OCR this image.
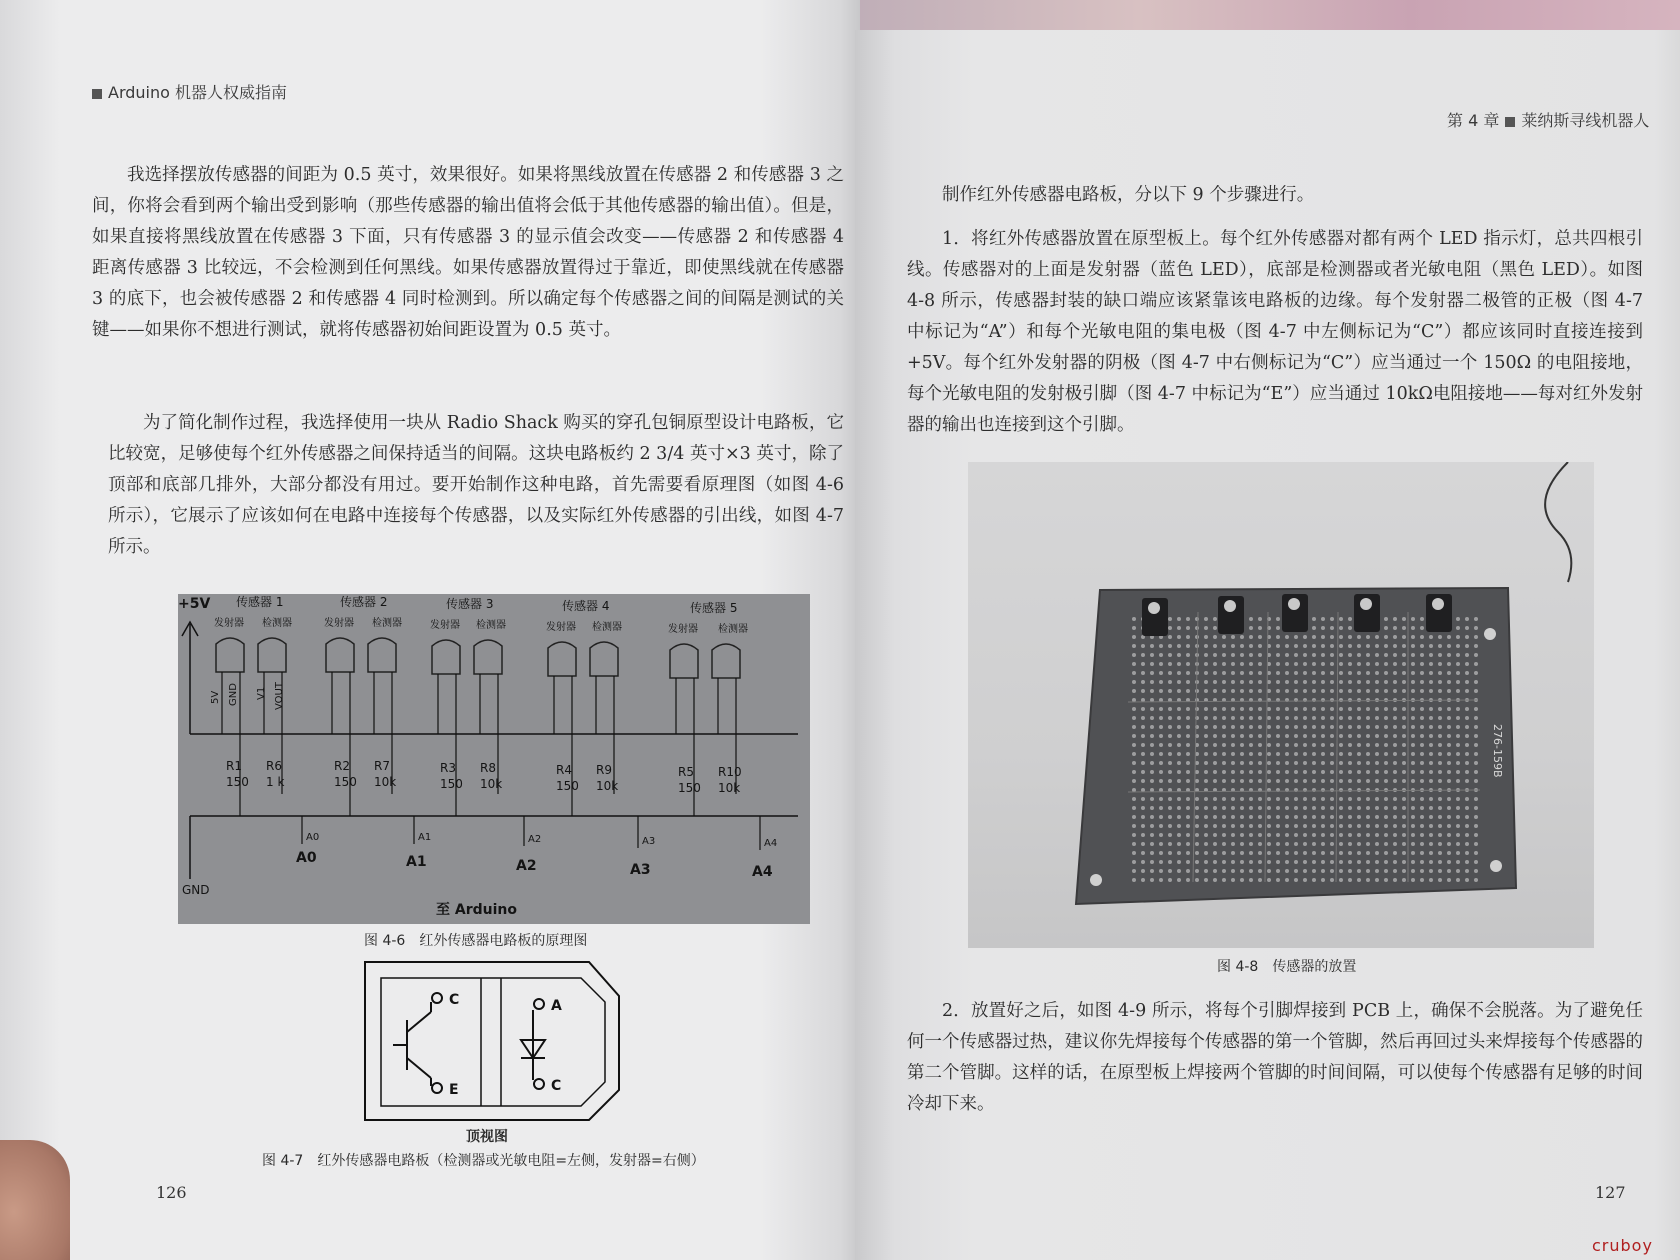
Arduino 机器人权威指南
我选择摆放传感器的间距为 0.5 英寸，效果很好。如果将黑线放置在传感器 2 和传感器 3 之间，你将会看到两个输出受到影响（那些传感器的输出值将会低于其他传感器的输出值）。但是，如果直接将黑线放置在传感器 3 下面，只有传感器 3 的显示值会改变——传感器 2 和传感器 4 距离传感器 3 比较远，不会检测到任何黑线。如果传感器放置得过于靠近，即使黑线就在传感器 3 的底下，也会被传感器 2 和传感器 4 同时检测到。所以确定每个传感器之间的间隔是测试的关键——如果你不想进行测试，就将传感器初始间距设置为 0.5 英寸。
为了简化制作过程，我选择使用一块从 Radio Shack 购买的穿孔包铜原型设计电路板，它比较宽，足够使每个红外传感器之间保持适当的间隔。这块电路板约 2 3/4 英寸×3 英寸，除了顶部和底部几排外，大部分都没有用过。要开始制作这种电路，首先需要看原理图（如图 4-6 所示），它展示了应该如何在电路中连接每个传感器，以及实际红外传感器的引出线，如图 4-7 所示。
+5V
GND
至 Arduino
传感器 1
发射器 检测器
5V GND V1 VOUT
R1
150
R6
1 k
A0
A0
传感器 2
发射器 检测器
R2
150
R7
10k
A1
A1
传感器 3
发射器 检测器
R3
150
R8
10k
A2
A2
传感器 4
发射器 检测器
R4
150
R9
10k
A3
A3
传感器 5
发射器 检测器
R5
150
R10
10k
A4
A4
图 4-6　红外传感器电路板的原理图
C
E
A
C
顶视图
图 4-7　红外传感器电路板（检测器或光敏电阻=左侧，发射器=右侧）
126
第 4 章 莱纳斯寻线机器人
制作红外传感器电路板，分以下 9 个步骤进行。
1．将红外传感器放置在原型板上。每个红外传感器对都有两个 LED 指示灯，总共四根引线。传感器对的上面是发射器（蓝色 LED），底部是检测器或者光敏电阻（黑色 LED）。如图 4-8 所示，传感器封装的缺口端应该紧靠该电路板的边缘。每个发射器二极管的正极（图 4-7 中标记为“A”）和每个光敏电阻的集电极（图 4-7 中左侧标记为“C”）都应该同时直接连接到+5V。每个红外发射器的阴极（图 4-7 中右侧标记为“C”）应当通过一个 150Ω 的电阻接地，每个光敏电阻的发射极引脚（图 4-7 中标记为“E”）应当通过 10kΩ电阻接地——每对红外发射器的输出也连接到这个引脚。
图 4-8　传感器的放置
2．放置好之后，如图 4-9 所示，将每个引脚焊接到 PCB 上，确保不会脱落。为了避免任何一个传感器过热，建议你先焊接每个传感器的第一个管脚，然后再回过头来焊接每个传感器的第二个管脚。这样的话，在原型板上焊接两个管脚的时间间隔，可以使每个传感器有足够的时间冷却下来。
127
276-159B
cruboy
